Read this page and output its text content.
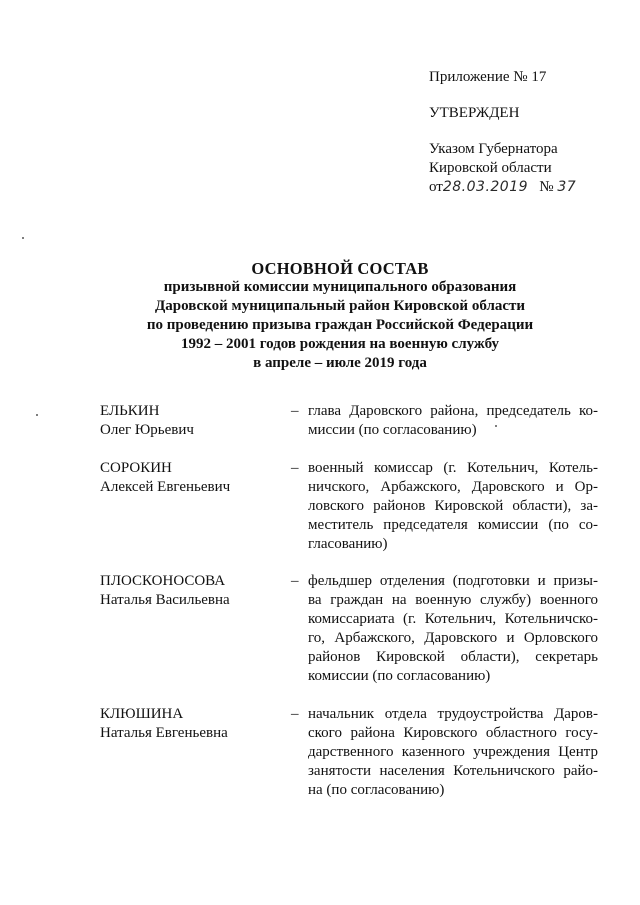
Приложение № 17
УТВЕРЖДЕН
Указом Губернатора
Кировской области
от28.03.2019 № 37
ОСНОВНОЙ СОСТАВ
призывной комиссии муниципального образования
Даровской муниципальный район Кировской области
по проведению призыва граждан Российской Федерации
1992 – 2001 годов рождения на военную службу
в апреле – июле 2019 года
ЕЛЬКИН
Олег Юрьевич
– глава Даровского района, председатель ко-
миссии (по согласованию)
СОРОКИН
Алексей Евгеньевич
– военный комиссар (г. Котельнич, Котель-
ничского, Арбажского, Даровского и Ор-
ловского районов Кировской области), за-
меститель председателя комиссии (по со-
гласованию)
ПЛОСКОНОСОВА
Наталья Васильевна
– фельдшер отделения (подготовки и призы-
ва граждан на военную службу) военного
комиссариата (г. Котельнич, Котельничско-
го, Арбажского, Даровского и Орловского
районов Кировской области), секретарь
комиссии (по согласованию)
КЛЮШИНА
Наталья Евгеньевна
– начальник отдела трудоустройства Даров-
ского района Кировского областного госу-
дарственного казенного учреждения Центр
занятости населения Котельничского райо-
на (по согласованию)
